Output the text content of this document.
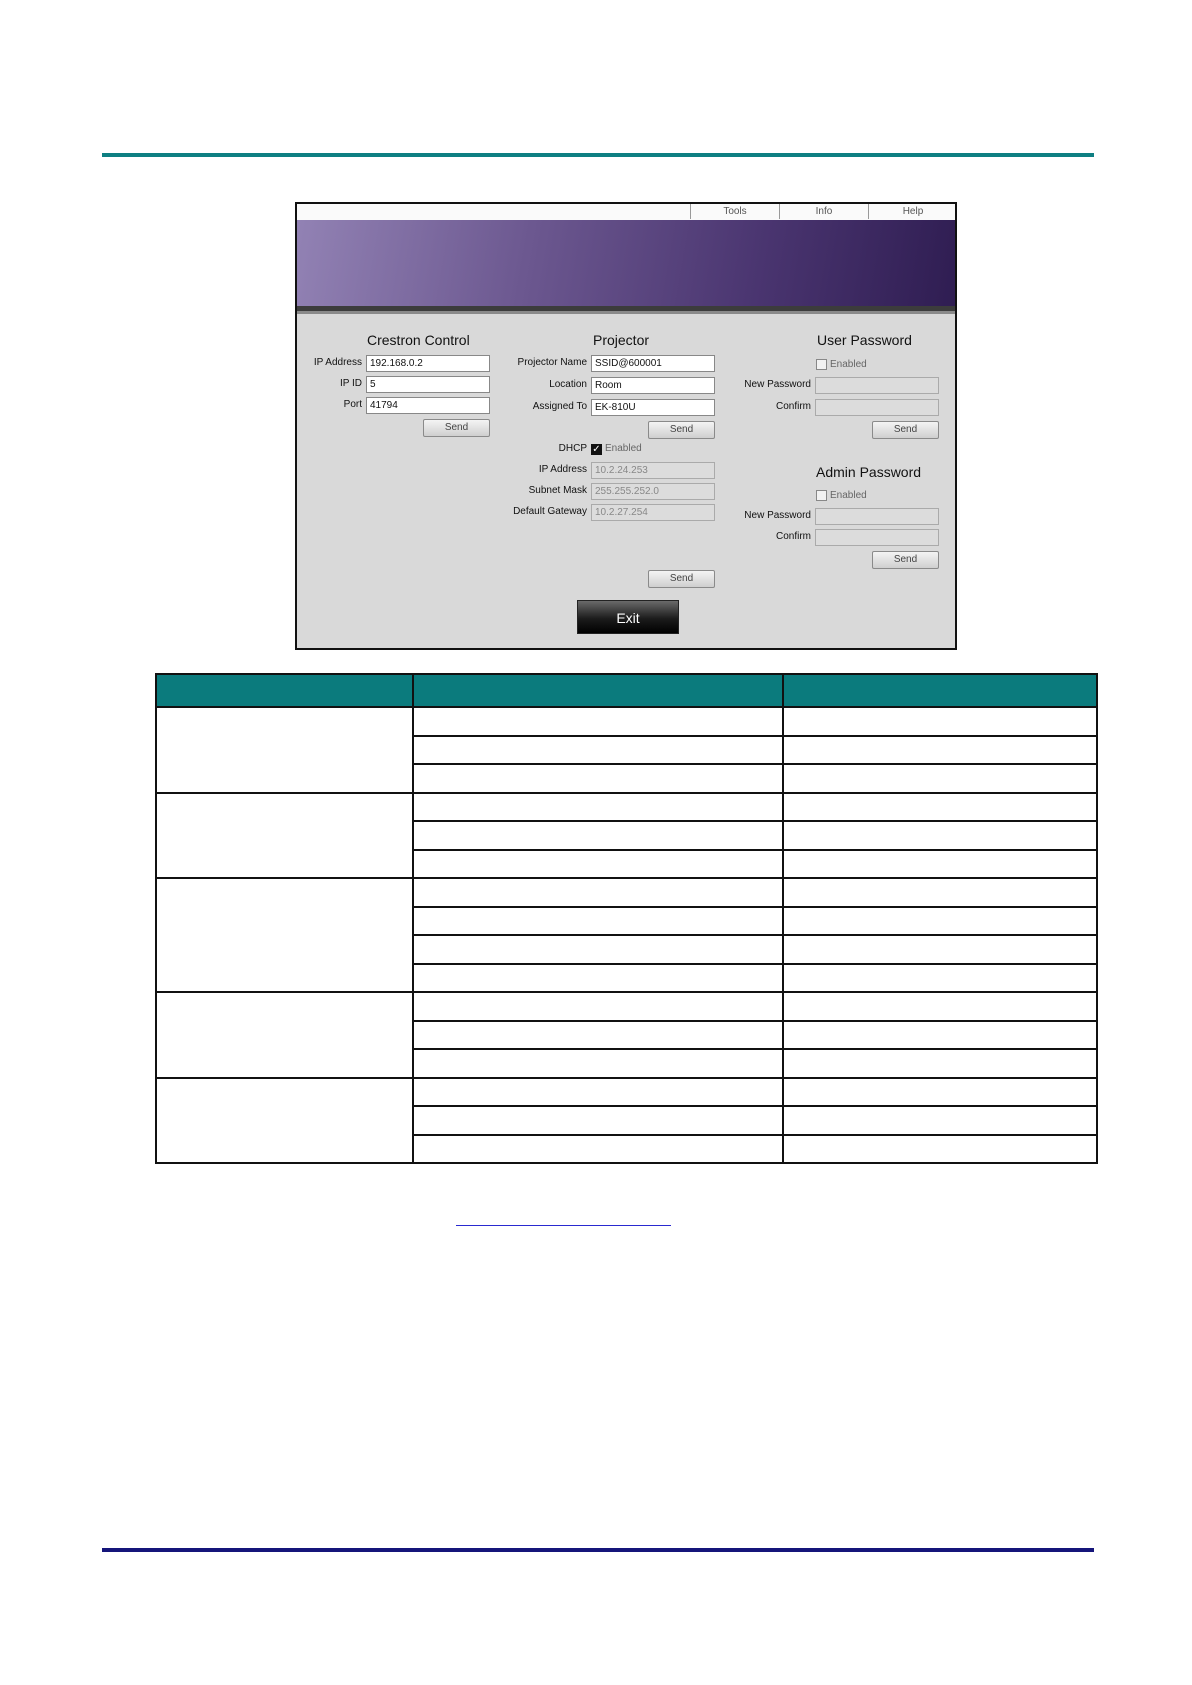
Tools	Info	Help
Crestron Control
IP Address 192.168.0.2
IP ID 5
Port 41794
Send
Projector
Projector Name SSID@600001
Location Room
Assigned To EK-810U
Send
DHCP ✓ Enabled
IP Address 10.2.24.253
Subnet Mask 255.255.252.0
Default Gateway 10.2.27.254
Send
User Password
Enabled
New Password
Confirm
Send
Admin Password
Enabled
New Password
Confirm
Send
Exit
